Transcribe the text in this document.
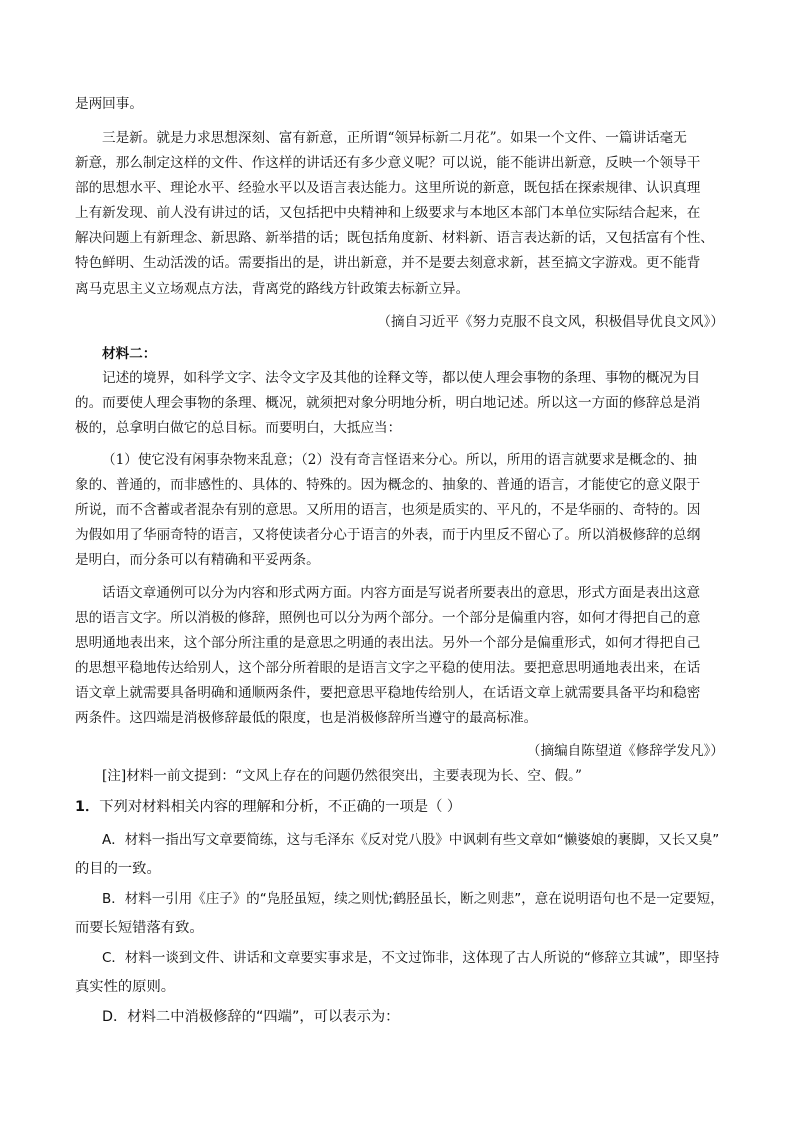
是两回事。
三是新。就是力求思想深刻、富有新意，正所谓“领异标新二月花”。如果一个文件、一篇讲话毫无
新意，那么制定这样的文件、作这样的讲话还有多少意义呢？可以说，能不能讲出新意，反映一个领导干
部的思想水平、理论水平、经验水平以及语言表达能力。这里所说的新意，既包括在探索规律、认识真理
上有新发现、前人没有讲过的话，又包括把中央精神和上级要求与本地区本部门本单位实际结合起来，在
解决问题上有新理念、新思路、新举措的话；既包括角度新、材料新、语言表达新的话，又包括富有个性、
特色鲜明、生动活泼的话。需要指出的是，讲出新意，并不是要去刻意求新，甚至搞文字游戏。更不能背
离马克思主义立场观点方法，背离党的路线方针政策去标新立异。
（摘自习近平《努力克服不良文风，积极倡导优良文风》）
材料二：
记述的境界，如科学文字、法令文字及其他的诠释文等，都以使人理会事物的条理、事物的概况为目
的。而要使人理会事物的条理、概况，就须把对象分明地分析，明白地记述。所以这一方面的修辞总是消
极的，总拿明白做它的总目标。而要明白，大抵应当：
（1）使它没有闲事杂物来乱意；（2）没有奇言怪语来分心。所以，所用的语言就要求是概念的、抽
象的、普通的，而非感性的、具体的、特殊的。因为概念的、抽象的、普通的语言，才能使它的意义限于
所说，而不含蓄或者混杂有别的意思。又所用的语言，也须是质实的、平凡的，不是华丽的、奇特的。因
为假如用了华丽奇特的语言，又将使读者分心于语言的外表，而于内里反不留心了。所以消极修辞的总纲
是明白，而分条可以有精确和平妥两条。
话语文章通例可以分为内容和形式两方面。内容方面是写说者所要表出的意思，形式方面是表出这意
思的语言文字。所以消极的修辞，照例也可以分为两个部分。一个部分是偏重内容，如何才得把自己的意
思明通地表出来，这个部分所注重的是意思之明通的表出法。另外一个部分是偏重形式，如何才得把自己
的思想平稳地传达给别人，这个部分所着眼的是语言文字之平稳的使用法。要把意思明通地表出来，在话
语文章上就需要具备明确和通顺两条件，要把意思平稳地传给别人，在话语文章上就需要具备平均和稳密
两条件。这四端是消极修辞最低的限度，也是消极修辞所当遵守的最高标准。
（摘编自陈望道《修辞学发凡》）
[注]材料一前文提到：“文风上存在的问题仍然很突出，主要表现为长、空、假。”
1．下列对材料相关内容的理解和分析，不正确的一项是（ ）
A．材料一指出写文章要简练，这与毛泽东《反对党八股》中讽刺有些文章如“懒婆娘的裹脚，又长又臭”
的目的一致。
B．材料一引用《庄子》的“凫胫虽短，续之则忧;鹤胫虽长，断之则悲”，意在说明语句也不是一定要短，
而要长短错落有致。
C．材料一谈到文件、讲话和文章要实事求是，不文过饰非，这体现了古人所说的“修辞立其诚”，即坚持
真实性的原则。
D．材料二中消极修辞的“四端”，可以表示为：
